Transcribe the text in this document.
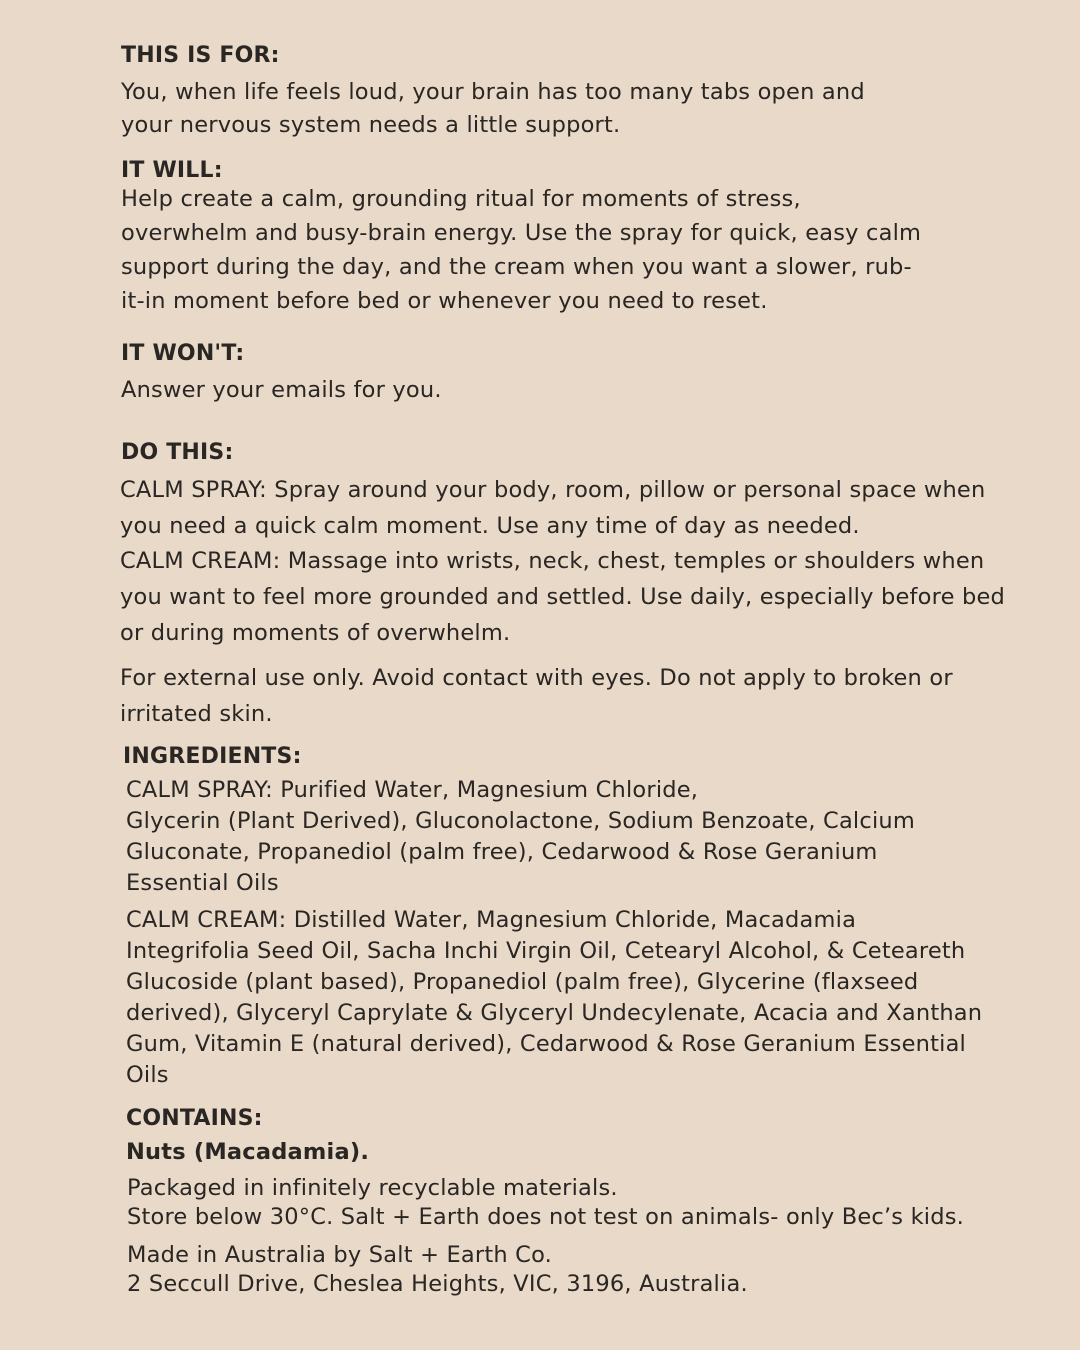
THIS IS FOR:
You, when life feels loud, your brain has too many tabs open and
your nervous system needs a little support.
IT WILL:
Help create a calm, grounding ritual for moments of stress,
overwhelm and busy-brain energy. Use the spray for quick, easy calm
support during the day, and the cream when you want a slower, rub-
it-in moment before bed or whenever you need to reset.
IT WON'T:
Answer your emails for you.
DO THIS:
CALM SPRAY: Spray around your body, room, pillow or personal space when
you need a quick calm moment. Use any time of day as needed.
CALM CREAM: Massage into wrists, neck, chest, temples or shoulders when
you want to feel more grounded and settled. Use daily, especially before bed
or during moments of overwhelm.
For external use only. Avoid contact with eyes. Do not apply to broken or
irritated skin.
INGREDIENTS:
CALM SPRAY: Purified Water, Magnesium Chloride,
Glycerin (Plant Derived), Gluconolactone, Sodium Benzoate, Calcium
Gluconate, Propanediol (palm free), Cedarwood & Rose Geranium
Essential Oils
CALM CREAM: Distilled Water, Magnesium Chloride, Macadamia
Integrifolia Seed Oil, Sacha Inchi Virgin Oil, Cetearyl Alcohol, & Ceteareth
Glucoside (plant based), Propanediol (palm free), Glycerine (flaxseed
derived), Glyceryl Caprylate & Glyceryl Undecylenate, Acacia and Xanthan
Gum, Vitamin E (natural derived), Cedarwood & Rose Geranium Essential
Oils
CONTAINS:
Nuts (Macadamia).
Packaged in infinitely recyclable materials.
Store below 30°C. Salt + Earth does not test on animals- only Bec’s kids.
Made in Australia by Salt + Earth Co.
2 Seccull Drive, Cheslea Heights, VIC, 3196, Australia.
